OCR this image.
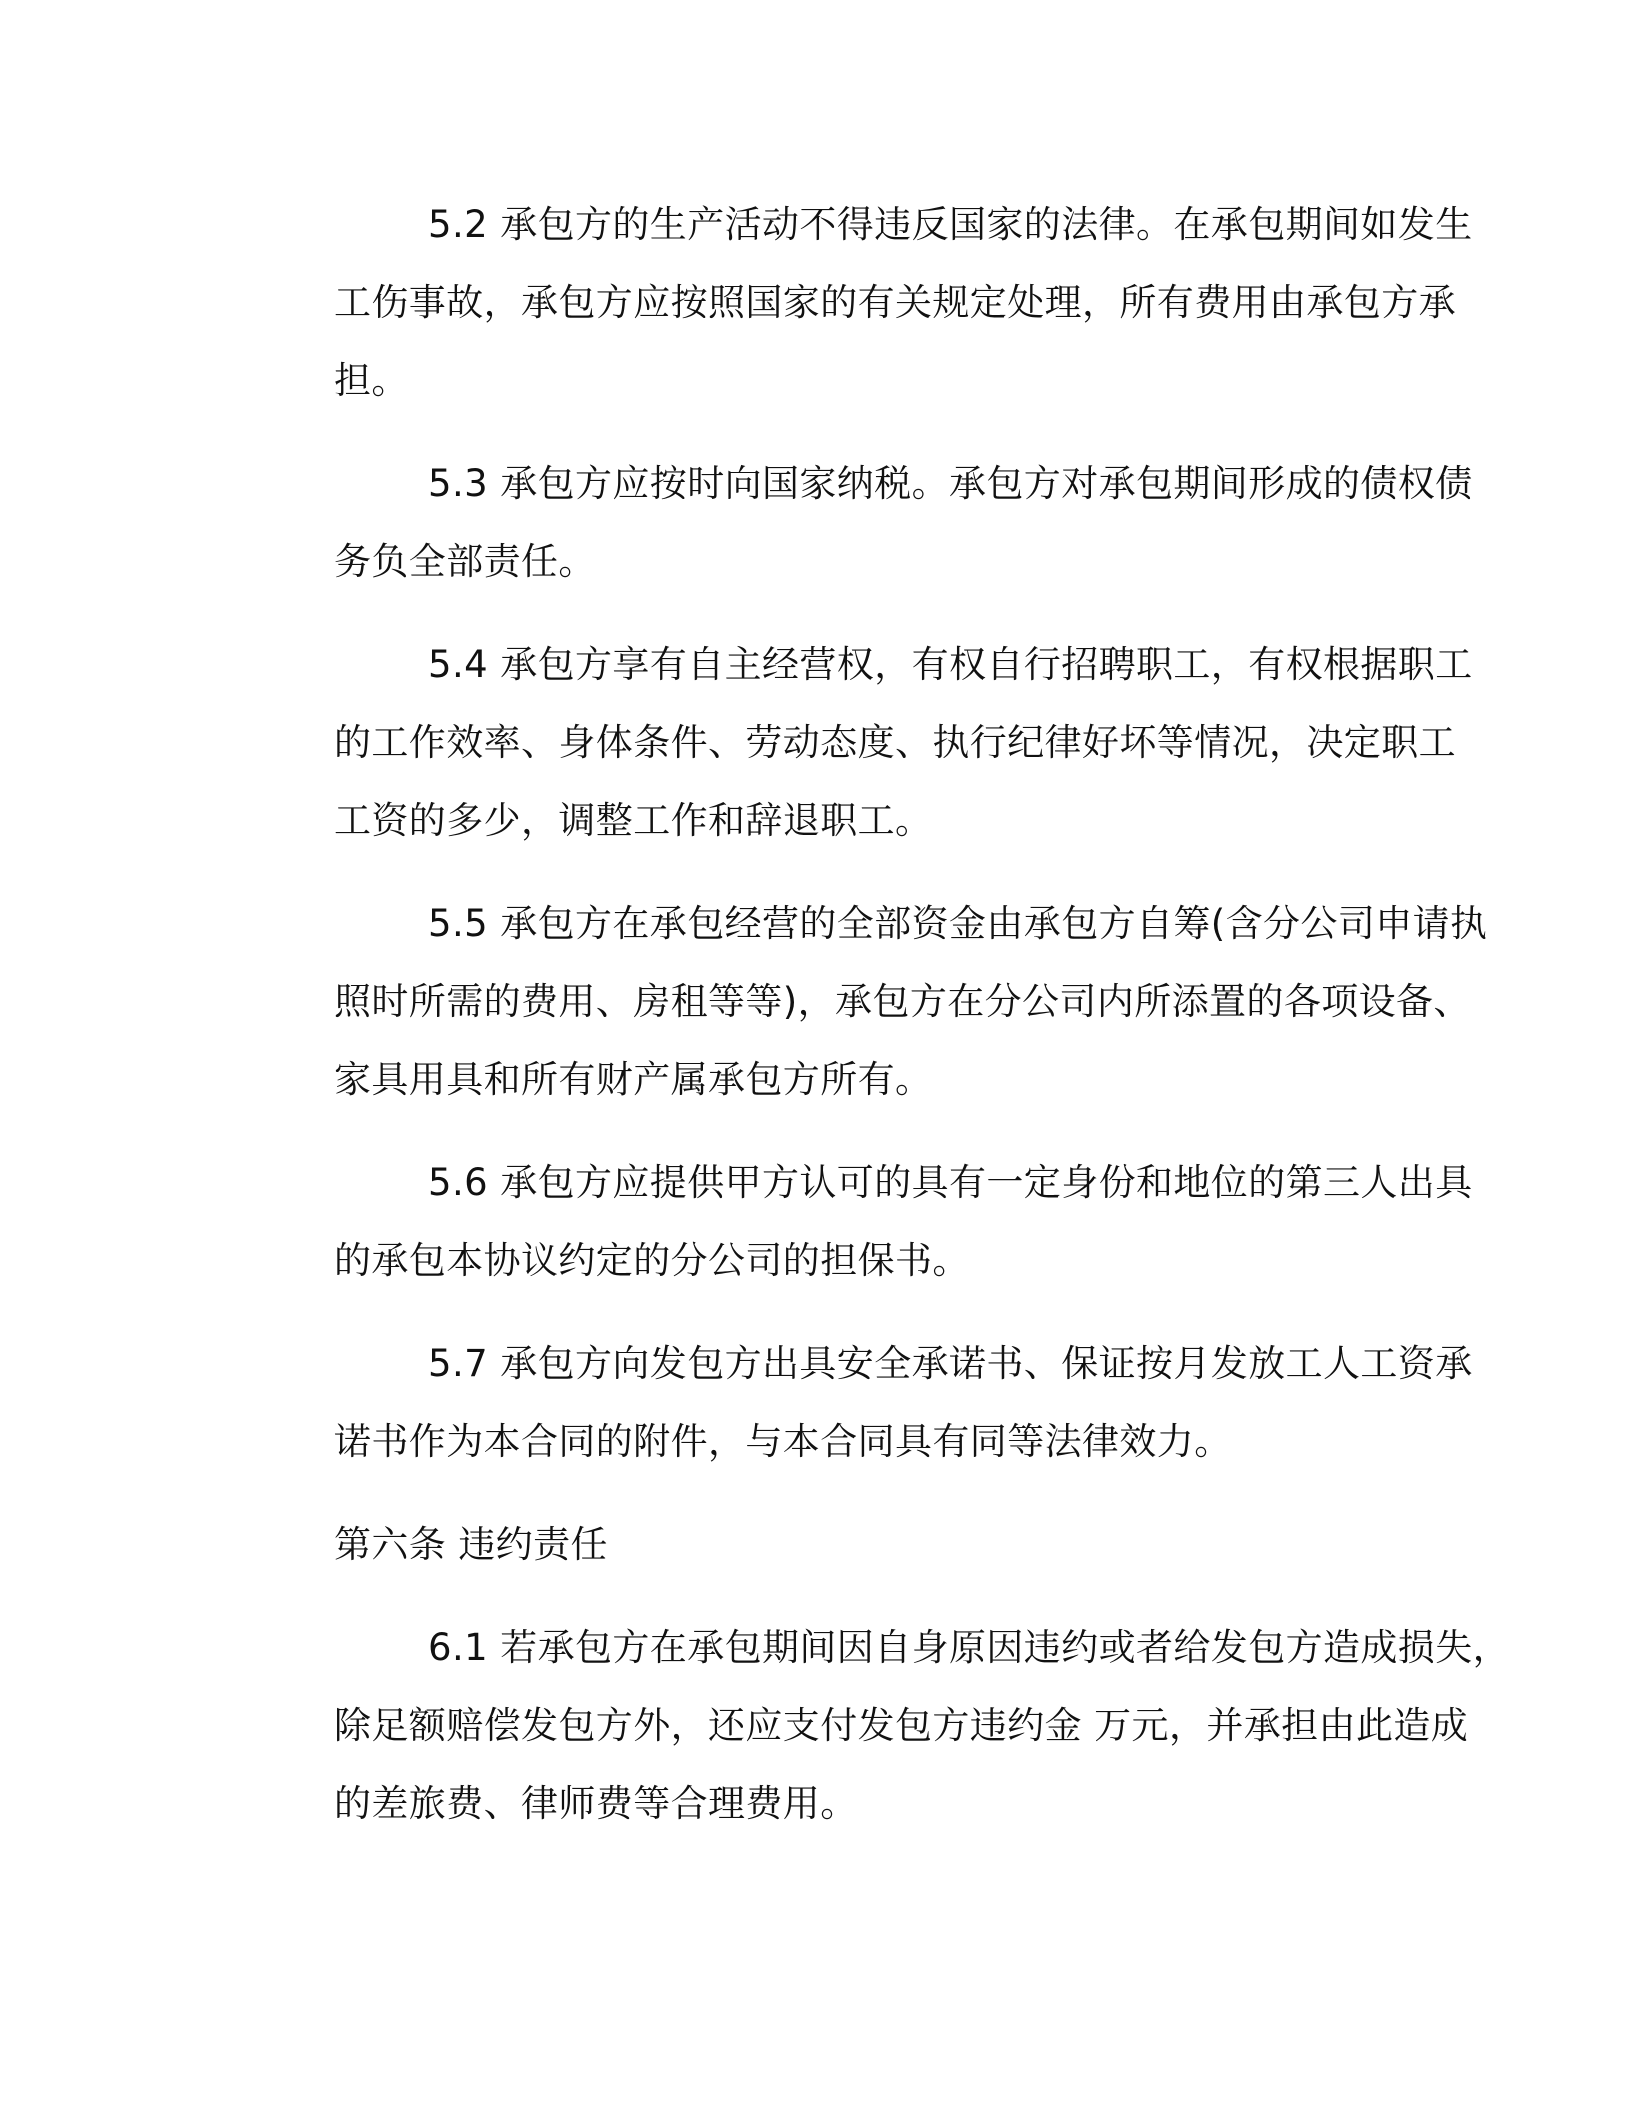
5.2 承包方的生产活动不得违反国家的法律。在承包期间如发生
工伤事故，承包方应按照国家的有关规定处理，所有费用由承包方承
担。
5.3 承包方应按时向国家纳税。承包方对承包期间形成的债权债
务负全部责任。
5.4 承包方享有自主经营权，有权自行招聘职工，有权根据职工
的工作效率、身体条件、劳动态度、执行纪律好坏等情况，决定职工
工资的多少，调整工作和辞退职工。
5.5 承包方在承包经营的全部资金由承包方自筹(含分公司申请执
照时所需的费用、房租等等)，承包方在分公司内所添置的各项设备、
家具用具和所有财产属承包方所有。
5.6 承包方应提供甲方认可的具有一定身份和地位的第三人出具
的承包本协议约定的分公司的担保书。
5.7 承包方向发包方出具安全承诺书、保证按月发放工人工资承
诺书作为本合同的附件，与本合同具有同等法律效力。
第六条 违约责任
6.1 若承包方在承包期间因自身原因违约或者给发包方造成损失，
除足额赔偿发包方外，还应支付发包方违约金 万元，并承担由此造成
的差旅费、律师费等合理费用。
